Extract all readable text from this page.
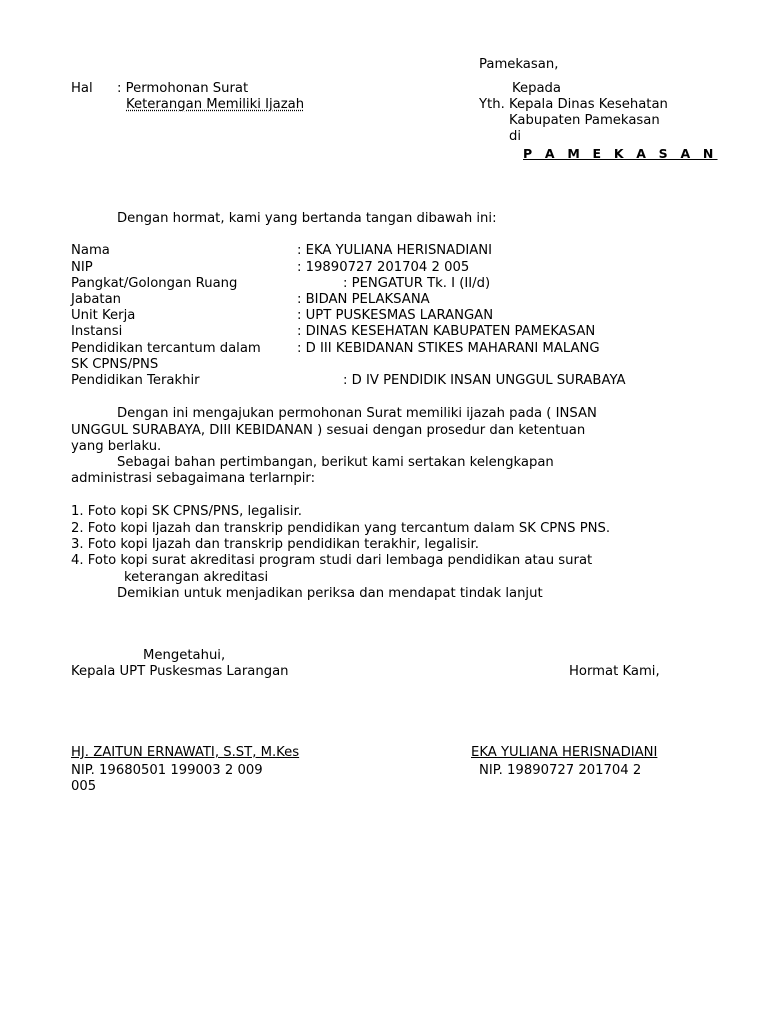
Pamekasan,
Hal : Permohonan Surat
Keterangan Memiliki Ijazah
Kepada
Yth. Kepala Dinas Kesehatan
Kabupaten Pamekasan
di
P A M E K A S A N
Dengan hormat, kami yang bertanda tangan dibawah ini:
Nama	: EKA YULIANA HERISNADIANI
NIP	: 19890727 201704 2 005
Pangkat/Golongan Ruang	: PENGATUR Tk. I (II/d)
Jabatan	: BIDAN PELAKSANA
Unit Kerja	: UPT PUSKESMAS LARANGAN
Instansi	: DINAS KESEHATAN KABUPATEN PAMEKASAN
Pendidikan tercantum dalam	: D III KEBIDANAN STIKES MAHARANI MALANG
SK CPNS/PNS
Pendidikan Terakhir	: D IV PENDIDIK INSAN UNGGUL SURABAYA
Dengan ini mengajukan permohonan Surat memiliki ijazah pada ( INSAN
UNGGUL SURABAYA, DIII KEBIDANAN ) sesuai dengan prosedur dan ketentuan
yang berlaku.
Sebagai bahan pertimbangan, berikut kami sertakan kelengkapan
administrasi sebagaimana terlarnpir:
1. Foto kopi SK CPNS/PNS, legalisir.
2. Foto kopi Ijazah dan transkrip pendidikan yang tercantum dalam SK CPNS PNS.
3. Foto kopi Ijazah dan transkrip pendidikan terakhir, legalisir.
4. Foto kopi surat akreditasi program studi dari lembaga pendidikan atau surat
keterangan akreditasi
Demikian untuk menjadikan periksa dan mendapat tindak lanjut
Mengetahui,
Kepala UPT Puskesmas Larangan	Hormat Kami,
HJ. ZAITUN ERNAWATI, S.ST, M.Kes
NIP. 19680501 199003 2 009
005
EKA YULIANA HERISNADIANI
NIP. 19890727 201704 2
